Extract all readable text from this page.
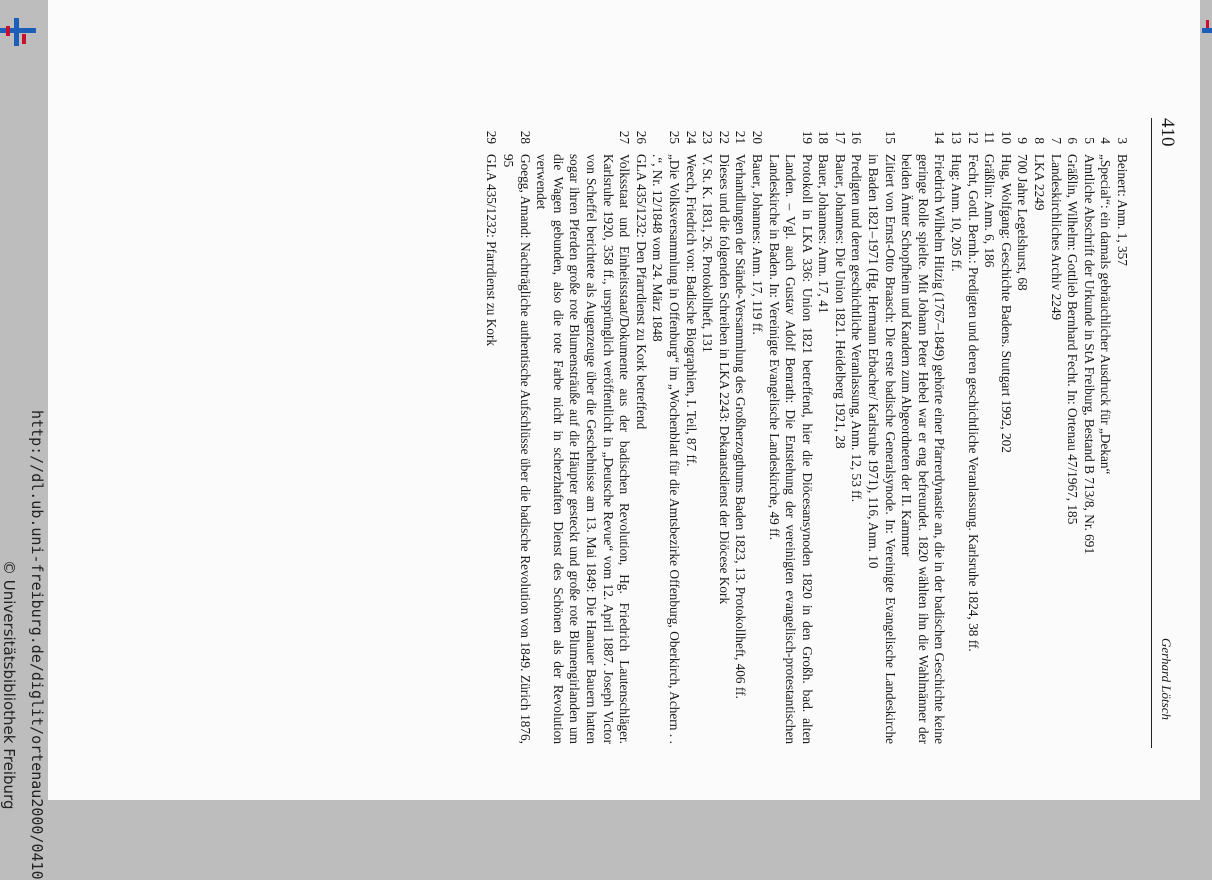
http://dl.ub.uni-freiburg.de/diglit/ortenau2000/0410
© Universitätsbibliothek Freiburg
410
Gerhard Lötsch
3
Beinert: Anm. 1, 357
4
„Special“: ein damals gebräuchlicher Ausdruck für „Dekan“
5
Amtliche Abschrift der Urkunde in StA Freiburg, Bestand B 713/8, Nr. 691
6
Gräßlin, Wilhelm: Gottlieb Bernhard Fecht. In: Ortenau 47/1967, 185
7
Landeskirchliches Archiv 2249
8
LKA 2249
9
700 Jahre Legelshurst, 68
10
Hug, Wolfgang: Geschichte Badens. Stuttgart 1992, 202
11
Gräßlin: Anm. 6, 186
12
Fecht, Gottl. Bernh.: Predigten und deren geschichtliche Veranlassung. Karlsruhe 1824, 38 ff.
13
Hug: Anm. 10, 205 ff.
14
Friedrich Wilhelm Hitzig (1767–1849) gehörte einer Pfarrerdynastie an, die in der badischen Geschichte keine geringe Rolle spielte. Mit Johann Peter Hebel war er eng befreundet. 1820 wählten ihn die Wahlmänner der beiden Ämter Schopfheim und Kandern zum Abgeordneten der II. Kammer
15
Zitiert von Ernst-Otto Braasch: Die erste badische Generalsynode. In: Vereinigte Evangelische Landeskirche in Baden 1821–1971 (Hg. Hermann Erbacher/ Karlsruhe 1971), 116, Anm. 10
16
Predigten und deren geschichtliche Veranlassung, Anm. 12, 53 ff.
17
Bauer, Johannes: Die Union 1821. Heidelberg 1921, 28
18
Bauer, Johannes: Anm. 17, 41
19
Protokoll in LKA 336: Union 1821 betreffend, hier die Diöcesansynoden 1820 in den Großh. bad. alten Landen. – Vgl. auch Gustav Adolf Benrath: Die Entstehung der vereinigten evangelisch-protestantischen Landeskirche in Baden. In: Vereinigte Evangelische Landeskirche, 49 ff.
20
Bauer, Johannes: Anm. 17, 119 ff.
21
Verhandlungen der Stände-Versammlung des Großherzogthums Baden 1823, 13. Protokollheft, 406 ff.
22
Dieses und die folgenden Schreiben in LKA 2243: Dekanatsdienst der Diöcese Kork
23
V. St. K. 1831, 26. Protokollheft, 131
24
Weech, Friedrich von: Badische Biographien, I. Teil, 87 ff.
25
„Die Volksversammlung in Offenburg“ im „Wochenblatt für die Amtsbezirke Offenburg, Oberkirch, Achern . . .“, Nr. 12/1848 vom 24. März 1848
26
GLA 435/1232: Den Pfarrdienst zu Kork betreffend
27
Volksstaat und Einheitsstaat/Dokumente aus der badischen Revolution, Hg. Friedrich Lautenschläger. Karlsruhe 1920, 358 ff., ursprünglich veröffentlicht in „Deutsche Revue“ vom 12. April 1887. Joseph Victor von Scheffel berichtete als Augenzeuge über die Geschehnisse am 13. Mai 1849: Die Hanauer Bauern hatten sogar ihren Pferden große rote Blumensträuße auf die Häupter gesteckt und große rote Blumengirlanden um die Wagen gebunden, also die rote Farbe nicht in scherzhaften Dienst des Schönen als der Revolution verwendet
28
Goegg, Amand: Nachträgliche authentische Aufschlüsse über die badische Revolution von 1849. Zürich 1876, 95
29
GLA 435/1232: Pfarrdienst zu Kork
